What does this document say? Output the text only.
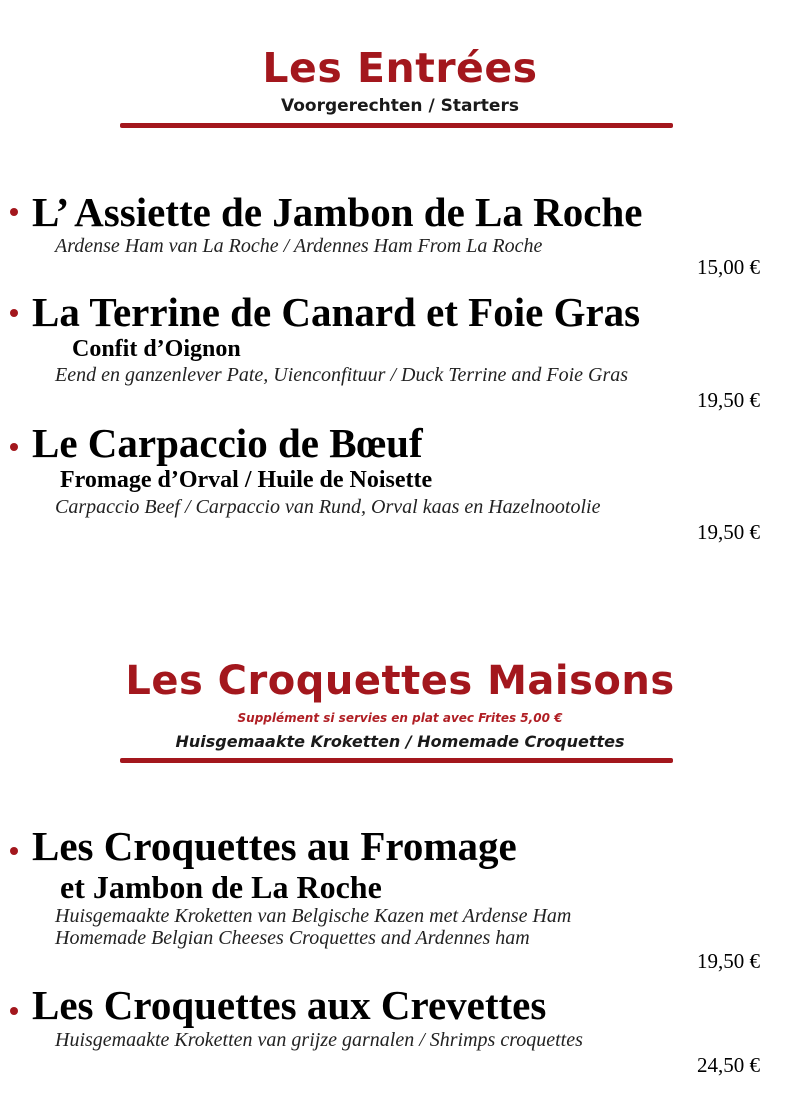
Les Entrées
Voorgerechten / Starters
L’ Assiette de Jambon de La Roche
Ardense Ham van La Roche / Ardennes Ham From La Roche
15,00 €
La Terrine de Canard et Foie Gras
Confit d’Oignon
Eend en ganzenlever Pate, Uienconfituur / Duck Terrine and Foie Gras
19,50 €
Le Carpaccio de Bœuf
Fromage d’Orval / Huile de Noisette
Carpaccio Beef / Carpaccio van Rund, Orval kaas en Hazelnootolie
19,50 €
Les Croquettes Maisons
Supplément si servies en plat avec Frites 5,00 €
Huisgemaakte Kroketten / Homemade Croquettes
Les Croquettes au Fromage
et Jambon de La Roche
Huisgemaakte Kroketten van Belgische Kazen met Ardense Ham
Homemade Belgian Cheeses Croquettes and Ardennes ham
19,50 €
Les Croquettes aux Crevettes
Huisgemaakte Kroketten van grijze garnalen / Shrimps croquettes
24,50 €
